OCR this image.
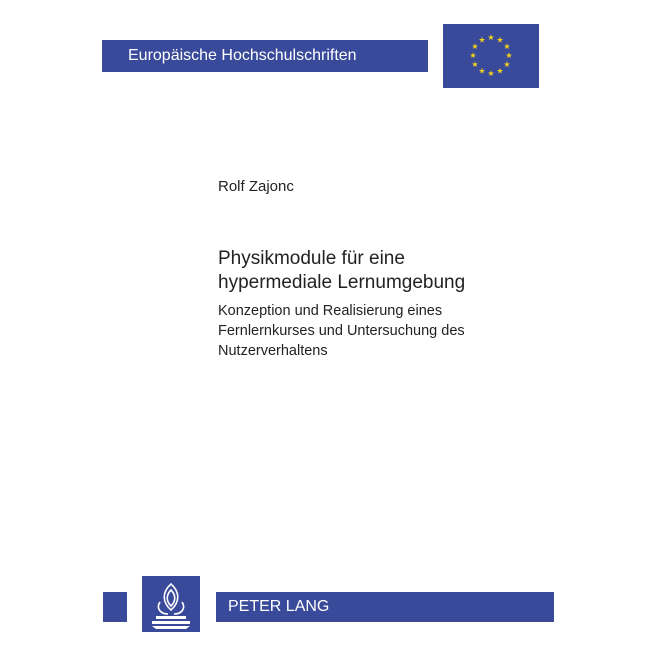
Europäische Hochschulschriften
★ ★
★
★
★
★
★
★
★
★
★
★
Rolf Zajonc
Physikmodule für eine
hypermediale Lernumgebung
Konzeption und Realisierung eines
Fernlernkurses und Untersuchung des
Nutzerverhaltens
PETER LANG
